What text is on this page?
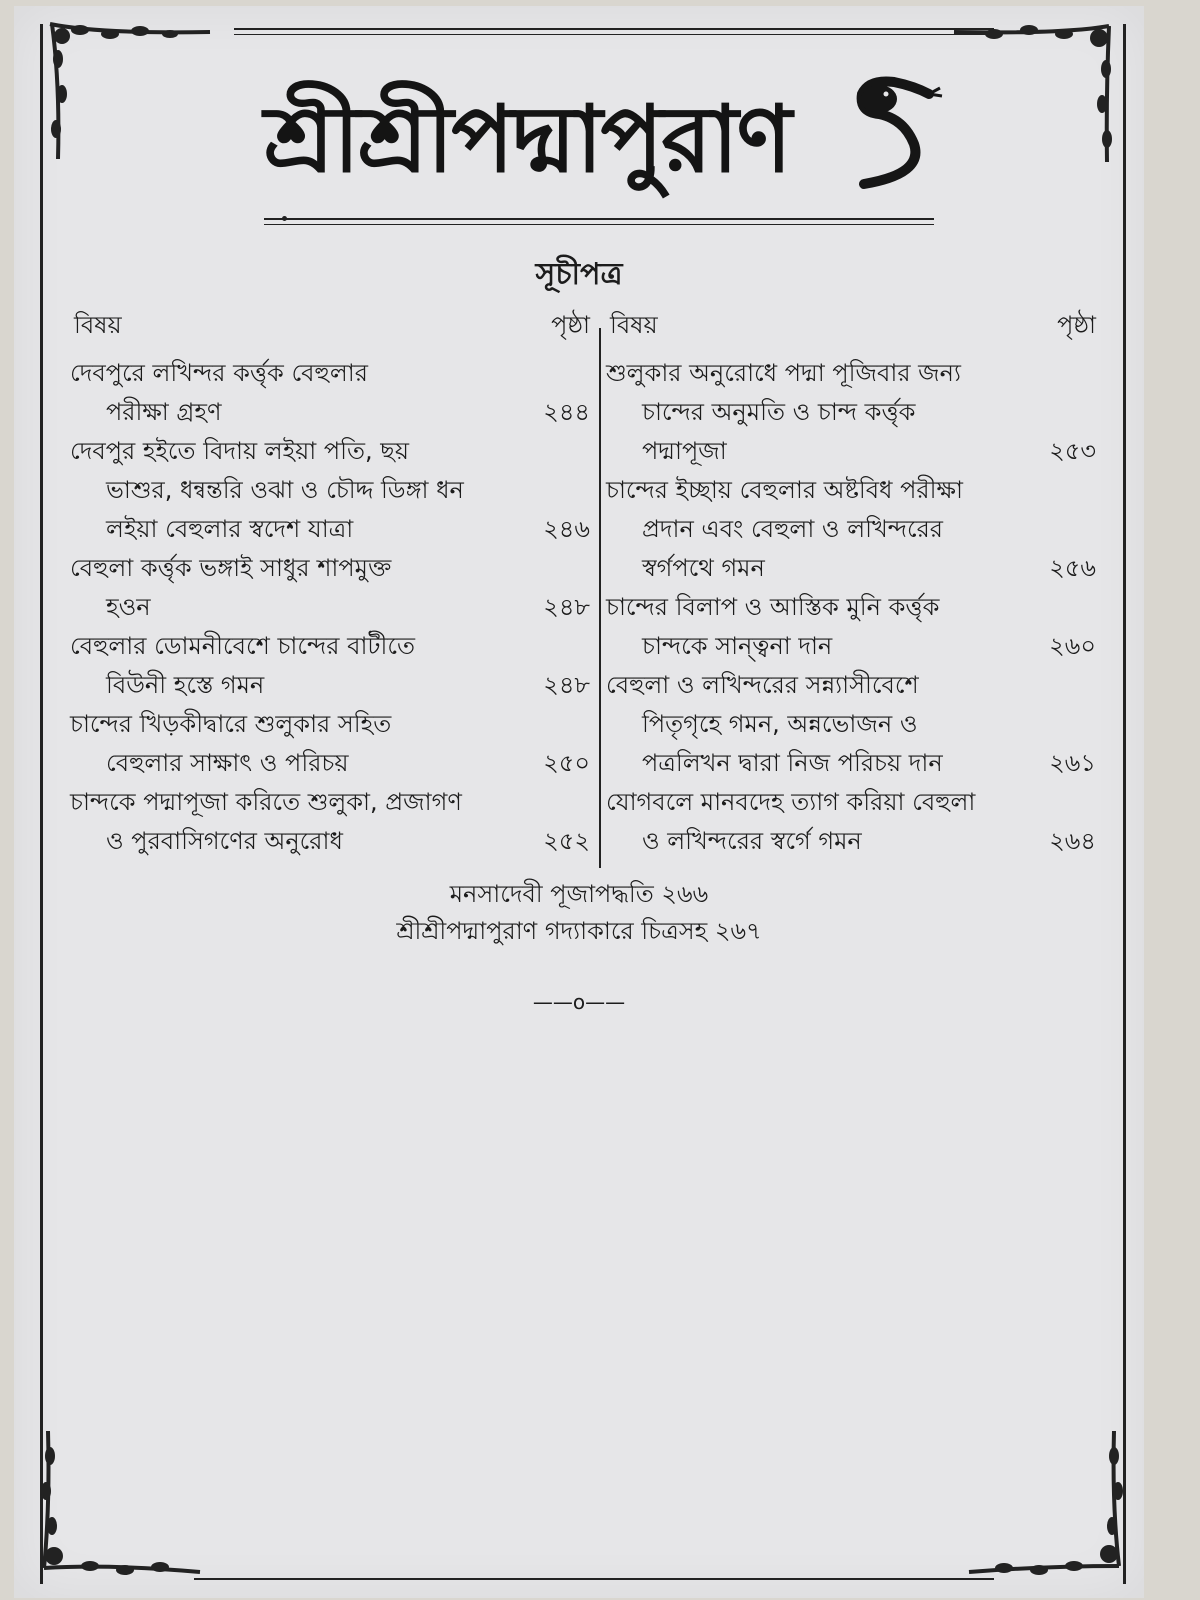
শ্রীশ্রীপদ্মাপুরাণ
সূচীপত্র
বিষয়	পৃষ্ঠা
দেবপুরে লখিন্দর কর্ত্তৃক বেহুলার
পরীক্ষা গ্রহণ	২৪৪
দেবপুর হইতে বিদায় লইয়া পতি, ছয়
ভাশুর, ধন্বন্তরি ওঝা ও চৌদ্দ ডিঙ্গা ধন
লইয়া বেহুলার স্বদেশ যাত্রা	২৪৬
বেহুলা কর্ত্তৃক ভঙ্গাই সাধুর শাপমুক্ত
হওন	২৪৮
বেহুলার ডোমনীবেশে চান্দের বাটীতে
বিউনী হস্তে গমন	২৪৮
চান্দের খিড়কীদ্বারে শুলুকার সহিত
বেহুলার সাক্ষাৎ ও পরিচয়	২৫০
চান্দকে পদ্মাপূজা করিতে শুলুকা, প্রজাগণ
ও পুরবাসিগণের অনুরোধ	২৫২
বিষয়	পৃষ্ঠা
শুলুকার অনুরোধে পদ্মা পূজিবার জন্য
চান্দের অনুমতি ও চান্দ কর্ত্তৃক
পদ্মাপূজা	২৫৩
চান্দের ইচ্ছায় বেহুলার অষ্টবিধ পরীক্ষা
প্রদান এবং বেহুলা ও লখিন্দরের
স্বর্গপথে গমন	২৫৬
চান্দের বিলাপ ও আস্তিক মুনি কর্ত্তৃক
চান্দকে সান্ত্বনা দান	২৬০
বেহুলা ও লখিন্দরের সন্ন্যাসীবেশে
পিতৃগৃহে গমন, অন্নভোজন ও
পত্রলিখন দ্বারা নিজ পরিচয় দান	২৬১
যোগবলে মানবদেহ ত্যাগ করিয়া বেহুলা
ও লখিন্দরের স্বর্গে গমন	২৬৪
মনসাদেবী পূজাপদ্ধতি ২৬৬
শ্রীশ্রীপদ্মাপুরাণ গদ্যাকারে চিত্রসহ ২৬৭
——o——
